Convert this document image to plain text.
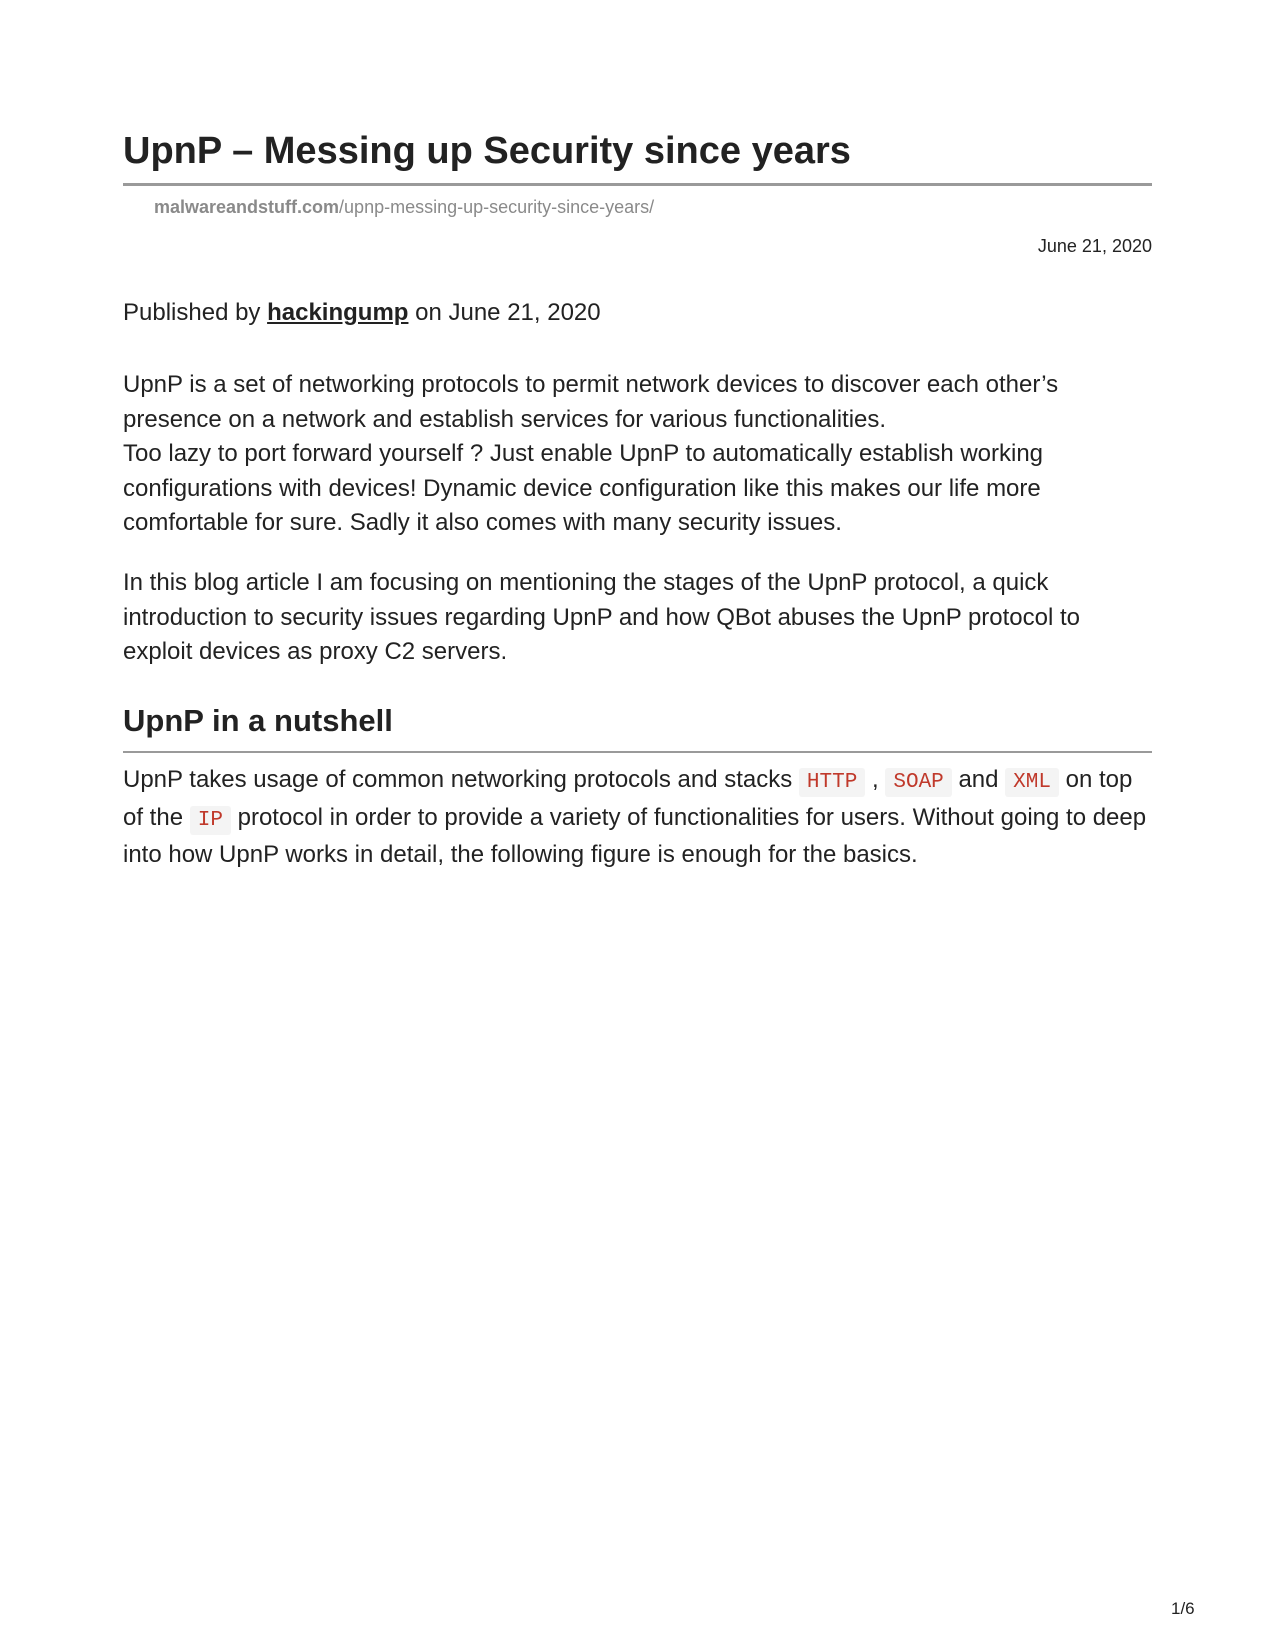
UpnP – Messing up Security since years
malwareandstuff.com/upnp-messing-up-security-since-years/
June 21, 2020
Published by hackingump on June 21, 2020

UpnP is a set of networking protocols to permit network devices to discover each other’s presence on a network and establish services for various functionalities.
Too lazy to port forward yourself ? Just enable UpnP to automatically establish working configurations with devices! Dynamic device configuration like this makes our life more comfortable for sure. Sadly it also comes with many security issues.

In this blog article I am focusing on mentioning the stages of the UpnP protocol, a quick introduction to security issues regarding UpnP and how QBot abuses the UpnP protocol to exploit devices as proxy C2 servers.

UpnP in a nutshell

UpnP takes usage of common networking protocols and stacks HTTP , SOAP and XML on top of the IP protocol in order to provide a variety of functionalities for users. Without going to deep into how UpnP works in detail, the following figure is enough for the basics.

1/6
